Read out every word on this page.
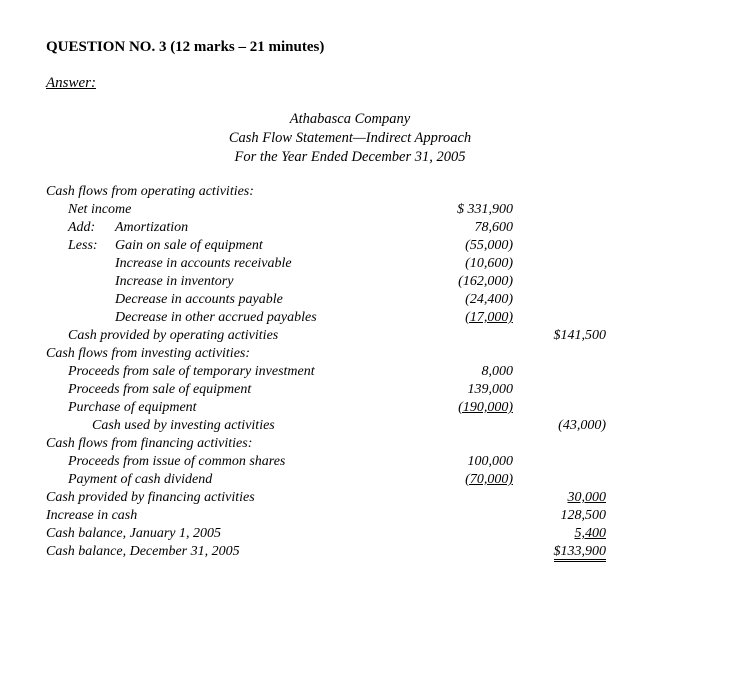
QUESTION NO. 3 (12 marks – 21 minutes)
Answer:
Athabasca Company
Cash Flow Statement—Indirect Approach
For the Year Ended December 31, 2005
Cash flows from operating activities:
Net income	$ 331,900
Add: Amortization	78,600
Less: Gain on sale of equipment	(55,000)
Increase in accounts receivable	(10,600)
Increase in inventory	(162,000)
Decrease in accounts payable	(24,400)
Decrease in other accrued payables	(17,000)
Cash provided by operating activities	$141,500
Cash flows from investing activities:
Proceeds from sale of temporary investment	8,000
Proceeds from sale of equipment	139,000
Purchase of equipment	(190,000)
Cash used by investing activities	(43,000)
Cash flows from financing activities:
Proceeds from issue of common shares	100,000
Payment of cash dividend	(70,000)
Cash provided by financing activities	30,000
Increase in cash	128,500
Cash balance, January 1, 2005	5,400
Cash balance, December 31, 2005	$133,900
